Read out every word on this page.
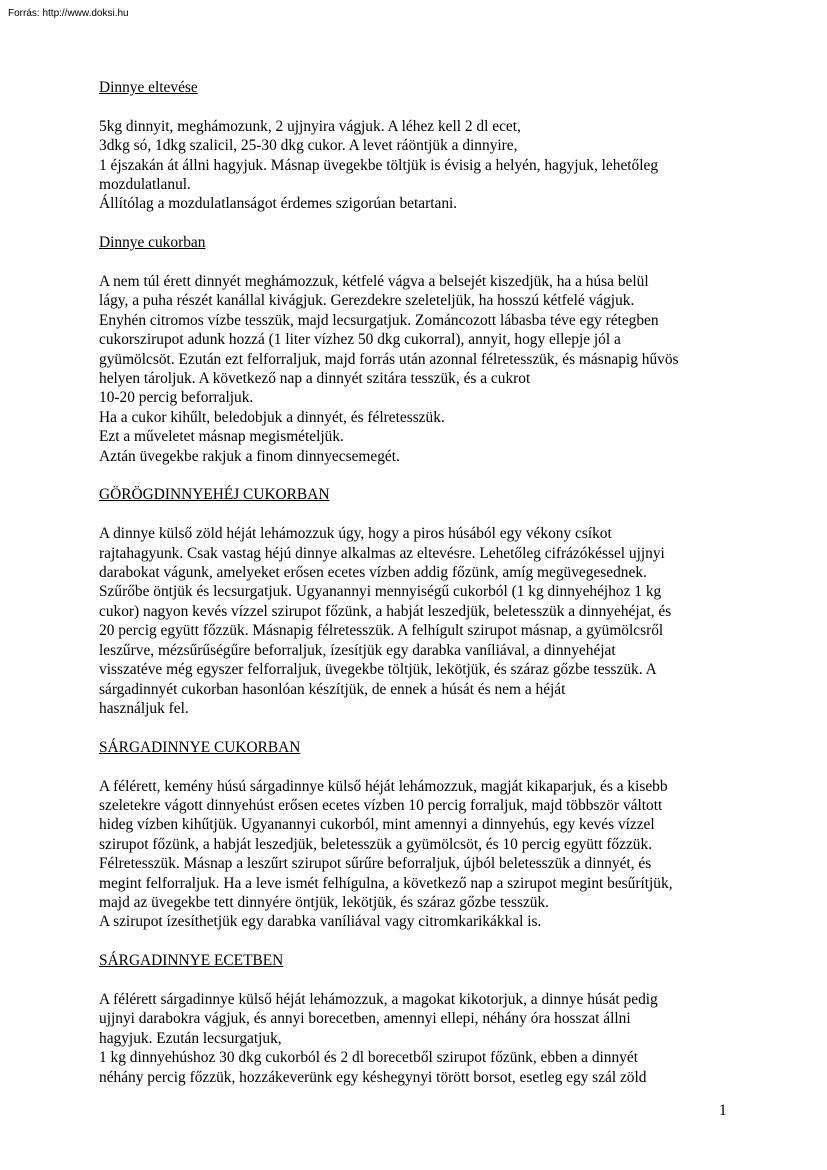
Forrás: http://www.doksi.hu

Dinnye eltevése

5kg dinnyit, meghámozunk, 2 ujjnyira vágjuk. A léhez kell 2 dl ecet,
3dkg só, 1dkg szalicil, 25-30 dkg cukor. A levet ráöntjük a dinnyire,
1 éjszakán át állni hagyjuk. Másnap üvegekbe töltjük is évisig a helyén, hagyjuk, lehetőleg
mozdulatlanul.
Állítólag a mozdulatlanságot érdemes szigorúan betartani.

Dinnye cukorban

A nem túl érett dinnyét meghámozzuk, kétfelé vágva a belsejét kiszedjük, ha a húsa belül
lágy, a puha részét kanállal kivágjuk. Gerezdekre szeleteljük, ha hosszú kétfelé vágjuk.
Enyhén citromos vízbe tesszük, majd lecsurgatjuk. Zománcozott lábasba téve egy rétegben
cukorszirupot adunk hozzá (1 liter vízhez 50 dkg cukorral), annyit, hogy ellepje jól a
gyümölcsöt. Ezután ezt felforraljuk, majd forrás után azonnal félretesszük, és másnapig hűvös
helyen tároljuk. A következő nap a dinnyét szitára tesszük, és a cukrot
10-20 percig beforraljuk.
Ha a cukor kihűlt, beledobjuk a dinnyét, és félretesszük.
Ezt a műveletet másnap megismételjük.
Aztán üvegekbe rakjuk a finom dinnyecsemegét.

GÖRÖGDINNYEHÉJ CUKORBAN

A dinnye külső zöld héját lehámozzuk úgy, hogy a piros húsából egy vékony csíkot
rajtahagyunk. Csak vastag héjú dinnye alkalmas az eltevésre. Lehetőleg cifrázókéssel ujjnyi
darabokat vágunk, amelyeket erősen ecetes vízben addig főzünk, amíg megüvegesednek.
Szűrőbe öntjük és lecsurgatjuk. Ugyanannyi mennyiségű cukorból (1 kg dinnyehéjhoz 1 kg
cukor) nagyon kevés vízzel szirupot főzünk, a habját leszedjük, beletesszük a dinnyehéjat, és
20 percig együtt főzzük. Másnapig félretesszük. A felhígult szirupot másnap, a gyümölcsről
leszűrve, mézsűrűségűre beforraljuk, ízesítjük egy darabka vaníliával, a dinnyehéjat
visszatéve még egyszer felforraljuk, üvegekbe töltjük, lekötjük, és száraz gőzbe tesszük. A
sárgadinnyét cukorban hasonlóan készítjük, de ennek a húsát és nem a héját
használjuk fel.

SÁRGADINNYE CUKORBAN

A félérett, kemény húsú sárgadinnye külső héját lehámozzuk, magját kikaparjuk, és a kisebb
szeletekre vágott dinnyehúst erősen ecetes vízben 10 percig forraljuk, majd többször váltott
hideg vízben kihűtjük. Ugyanannyi cukorból, mint amennyi a dinnyehús, egy kevés vízzel
szirupot főzünk, a habját leszedjük, beletesszük a gyümölcsöt, és 10 percig együtt főzzük.
Félretesszük. Másnap a leszűrt szirupot sűrűre beforraljuk, újból beletesszük a dinnyét, és
megint felforraljuk. Ha a leve ismét felhígulna, a következő nap a szirupot megint besűrítjük,
majd az üvegekbe tett dinnyére öntjük, lekötjük, és száraz gőzbe tesszük.
A szirupot ízesíthetjük egy darabka vaníliával vagy citromkarikákkal is.

SÁRGADINNYE ECETBEN

A félérett sárgadinnye külső héját lehámozzuk, a magokat kikotorjuk, a dinnye húsát pedig
ujjnyi darabokra vágjuk, és annyi borecetben, amennyi ellepi, néhány óra hosszat állni
hagyjuk. Ezután lecsurgatjuk,
1 kg dinnyehúshoz 30 dkg cukorból és 2 dl borecetből szirupot főzünk, ebben a dinnyét
néhány percig főzzük, hozzákeverünk egy késhegynyi törött borsot, esetleg egy szál zöld
1
